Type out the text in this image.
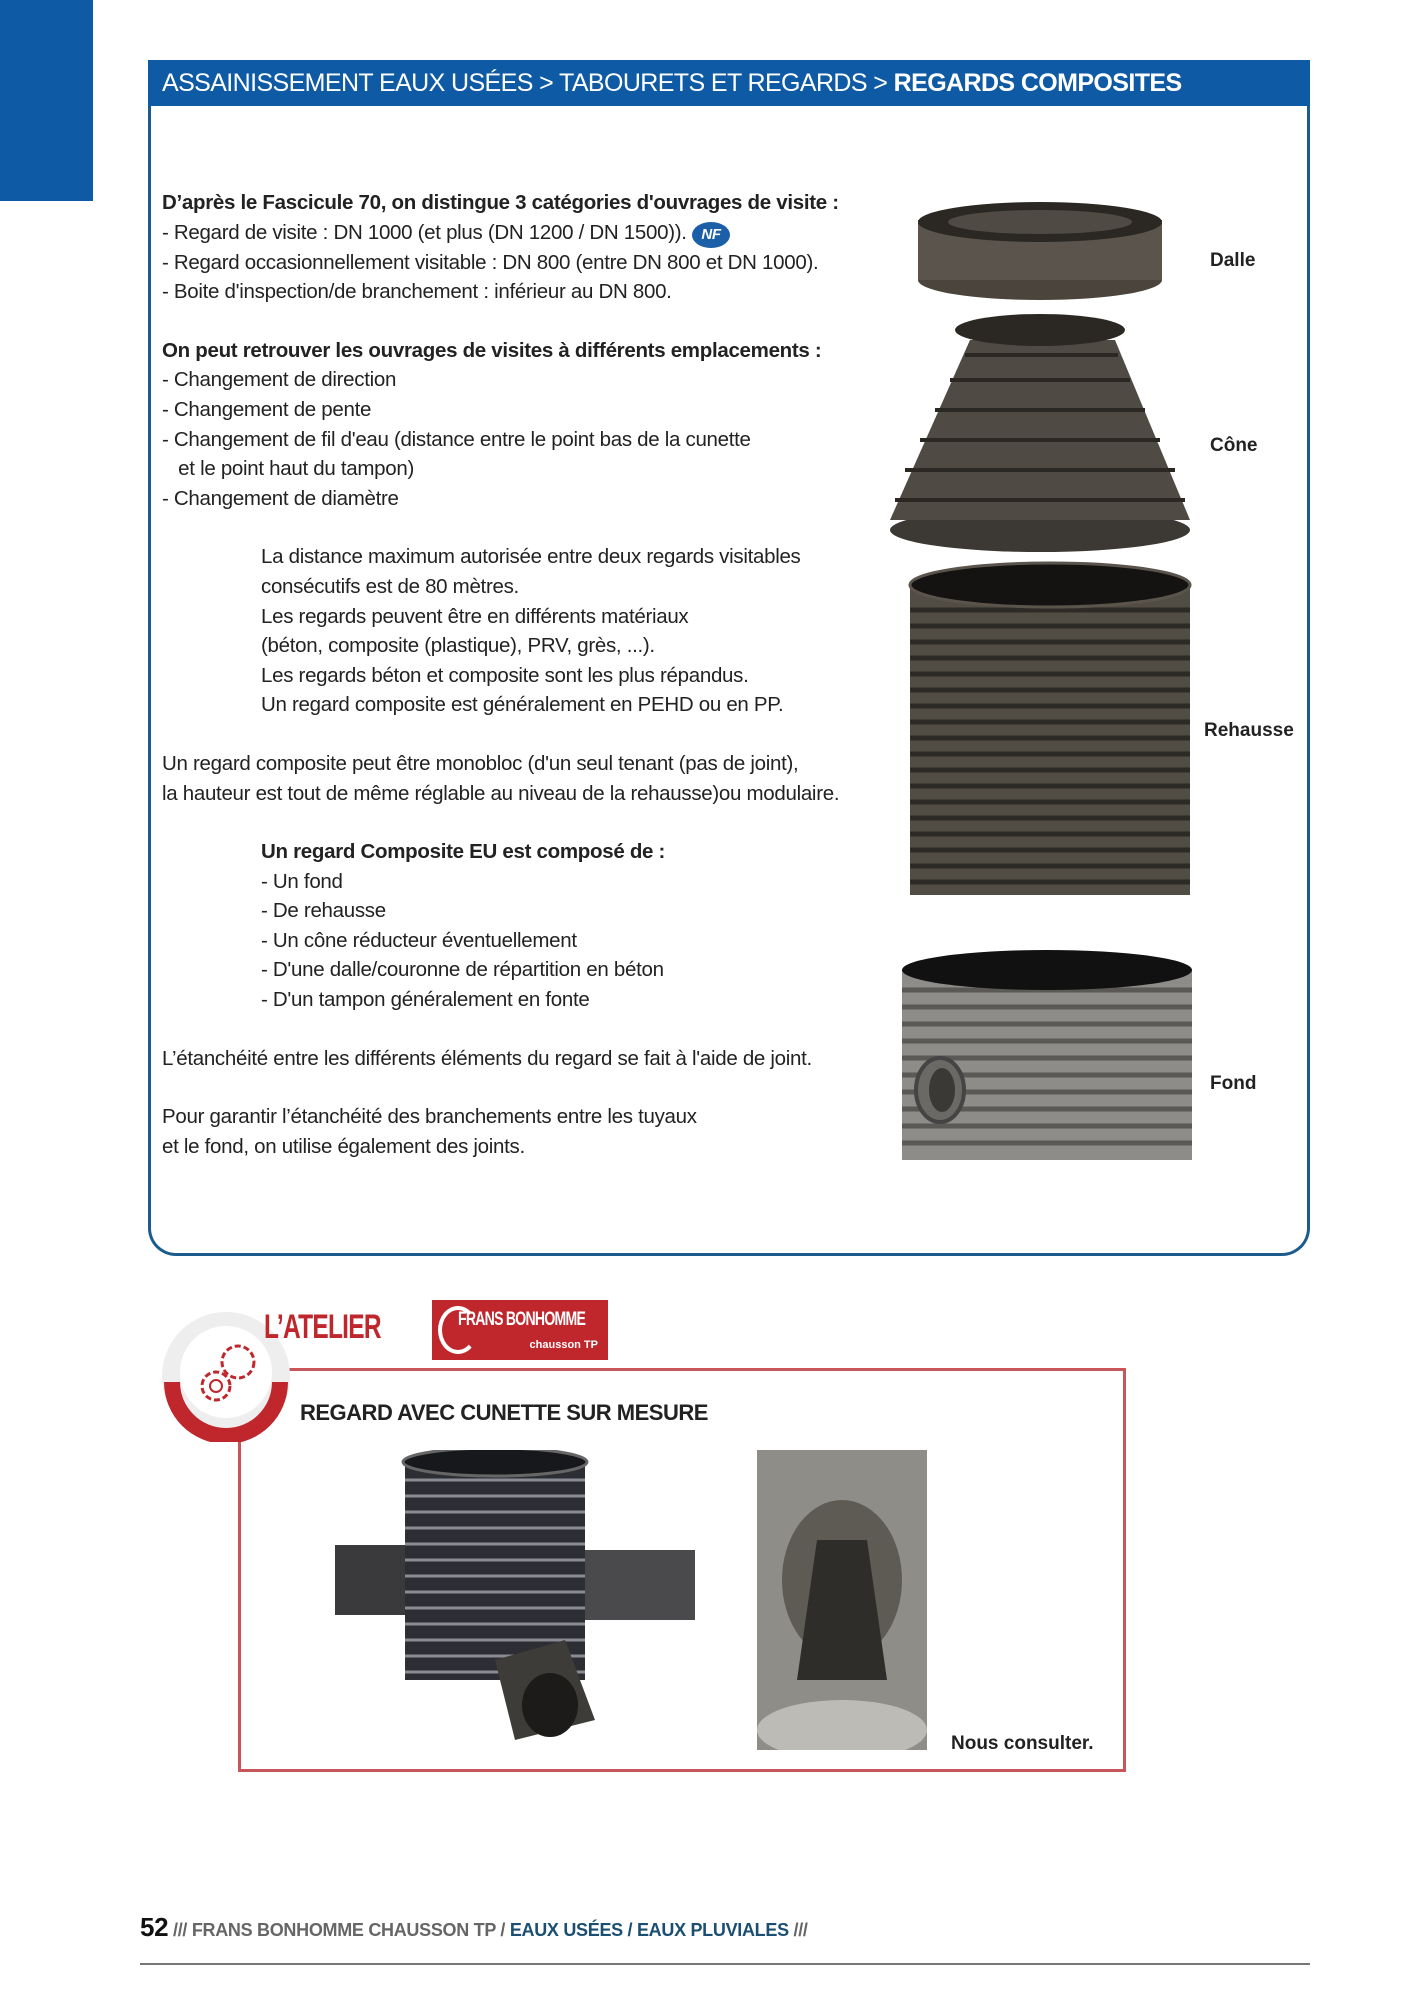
ASSAINISSEMENT EAUX USÉES > TABOURETS ET REGARDS > REGARDS COMPOSITES
D’après le Fascicule 70, on distingue 3 catégories d'ouvrages de visite :
- Regard de visite : DN 1000 (et plus (DN 1200 / DN 1500)). NF
- Regard occasionnellement visitable : DN 800 (entre DN 800 et DN 1000).
- Boite d'inspection/de branchement : inférieur au DN 800.
On peut retrouver les ouvrages de visites à différents emplacements :
- Changement de direction
- Changement de pente
- Changement de fil d'eau (distance entre le point bas de la cunette
et le point haut du tampon)
- Changement de diamètre
La distance maximum autorisée entre deux regards visitables
consécutifs est de 80 mètres.
Les regards peuvent être en différents matériaux
(béton, composite (plastique), PRV, grès, ...).
Les regards béton et composite sont les plus répandus.
Un regard composite est généralement en PEHD ou en PP.
Un regard composite peut être monobloc (d'un seul tenant (pas de joint),
la hauteur est tout de même réglable au niveau de la rehausse)ou modulaire.
Un regard Composite EU est composé de :
- Un fond
- De rehausse
- Un cône réducteur éventuellement
- D'une dalle/couronne de répartition en béton
- D'un tampon généralement en fonte
L’étanchéité entre les différents éléments du regard se fait à l'aide de joint.
Pour garantir l’étanchéité des branchements entre les tuyaux
et le fond, on utilise également des joints.
Dalle
Cône
Rehausse
Fond
L’ATELIER	FRANS BONHOMME
chausson TP
REGARD AVEC CUNETTE SUR MESURE
Nous consulter.
52 /// FRANS BONHOMME CHAUSSON TP / EAUX USÉES / EAUX PLUVIALES ///
